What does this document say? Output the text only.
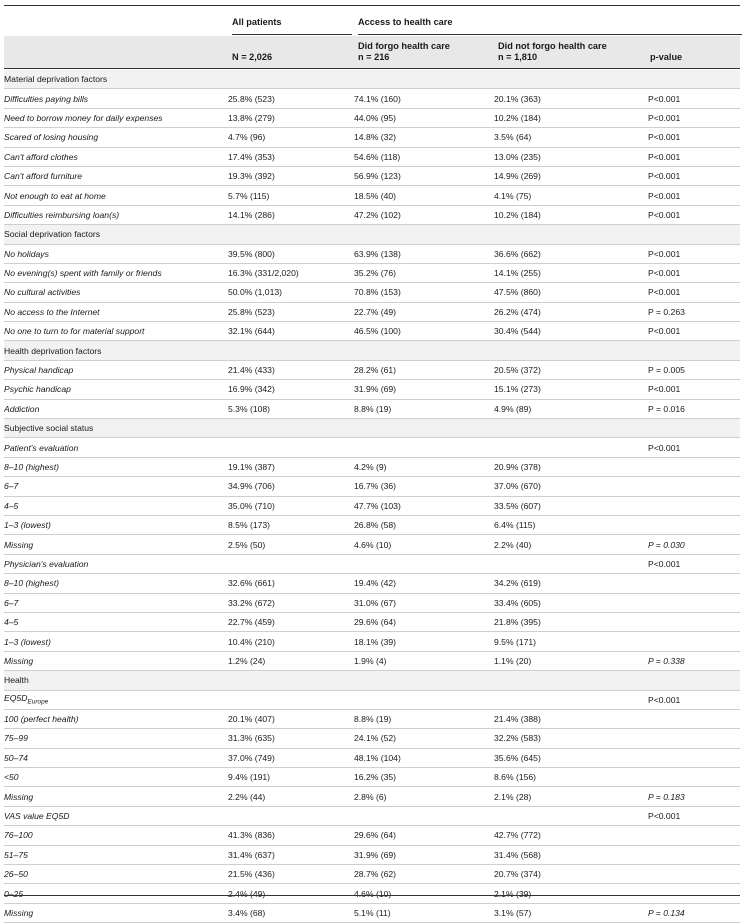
All patients	Access to health care
N = 2,026
Did forgo health care
n = 216
Did not forgo health care
n = 1,810	p-value
Material deprivation factors				
Difficulties paying bills	25.8% (523)	74.1% (160)	20.1% (363)	P<0.001
Need to borrow money for daily expenses	13.8% (279)	44.0% (95)	10.2% (184)	P<0.001
Scared of losing housing	4.7% (96)	14.8% (32)	3.5% (64)	P<0.001
Can't afford clothes	17.4% (353)	54.6% (118)	13.0% (235)	P<0.001
Can't afford furniture	19.3% (392)	56.9% (123)	14.9% (269)	P<0.001
Not enough to eat at home	5.7% (115)	18.5% (40)	4.1% (75)	P<0.001
Difficulties reimbursing loan(s)	14.1% (286)	47.2% (102)	10.2% (184)	P<0.001
Social deprivation factors				
No holidays	39.5% (800)	63.9% (138)	36.6% (662)	P<0.001
No evening(s) spent with family or friends	16.3% (331/2,020)	35.2% (76)	14.1% (255)	P<0.001
No cultural activities	50.0% (1,013)	70.8% (153)	47.5% (860)	P<0.001
No access to the Internet	25.8% (523)	22.7% (49)	26.2% (474)	P = 0.263
No one to turn to for material support	32.1% (644)	46.5% (100)	30.4% (544)	P<0.001
Health deprivation factors				
Physical handicap	21.4% (433)	28.2% (61)	20.5% (372)	P = 0.005
Psychic handicap	16.9% (342)	31.9% (69)	15.1% (273)	P<0.001
Addiction	5.3% (108)	8.8% (19)	4.9% (89)	P = 0.016
Subjective social status				
Patient's evaluation				P<0.001
8–10 (highest)	19.1% (387)	4.2% (9)	20.9% (378)	
6–7	34.9% (706)	16.7% (36)	37.0% (670)	
4–5	35.0% (710)	47.7% (103)	33.5% (607)	
1–3 (lowest)	8.5% (173)	26.8% (58)	6.4% (115)	
Missing	2.5% (50)	4.6% (10)	2.2% (40)	P = 0.030
Physician's evaluation				P<0.001
8–10 (highest)	32.6% (661)	19.4% (42)	34.2% (619)	
6–7	33.2% (672)	31.0% (67)	33.4% (605)	
4–5	22.7% (459)	29.6% (64)	21.8% (395)	
1–3 (lowest)	10.4% (210)	18.1% (39)	9.5% (171)	
Missing	1.2% (24)	1.9% (4)	1.1% (20)	P = 0.338
Health				
$EQ5D_{Europe}$				P<0.001
100 (perfect health)	20.1% (407)	8.8% (19)	21.4% (388)	
75–99	31.3% (635)	24.1% (52)	32.2% (583)	
50–74	37.0% (749)	48.1% (104)	35.6% (645)	
<50	9.4% (191)	16.2% (35)	8.6% (156)	
Missing	2.2% (44)	2.8% (6)	2.1% (28)	P = 0.183
VAS value EQ5D				P<0.001
76–100	41.3% (836)	29.6% (64)	42.7% (772)	
51–75	31.4% (637)	31.9% (69)	31.4% (568)	
26–50	21.5% (436)	28.7% (62)	20.7% (374)	
0–25	2.4% (49)	4.6% (10)	2.1% (39)	
Missing	3.4% (68)	5.1% (11)	3.1% (57)	P = 0.134
